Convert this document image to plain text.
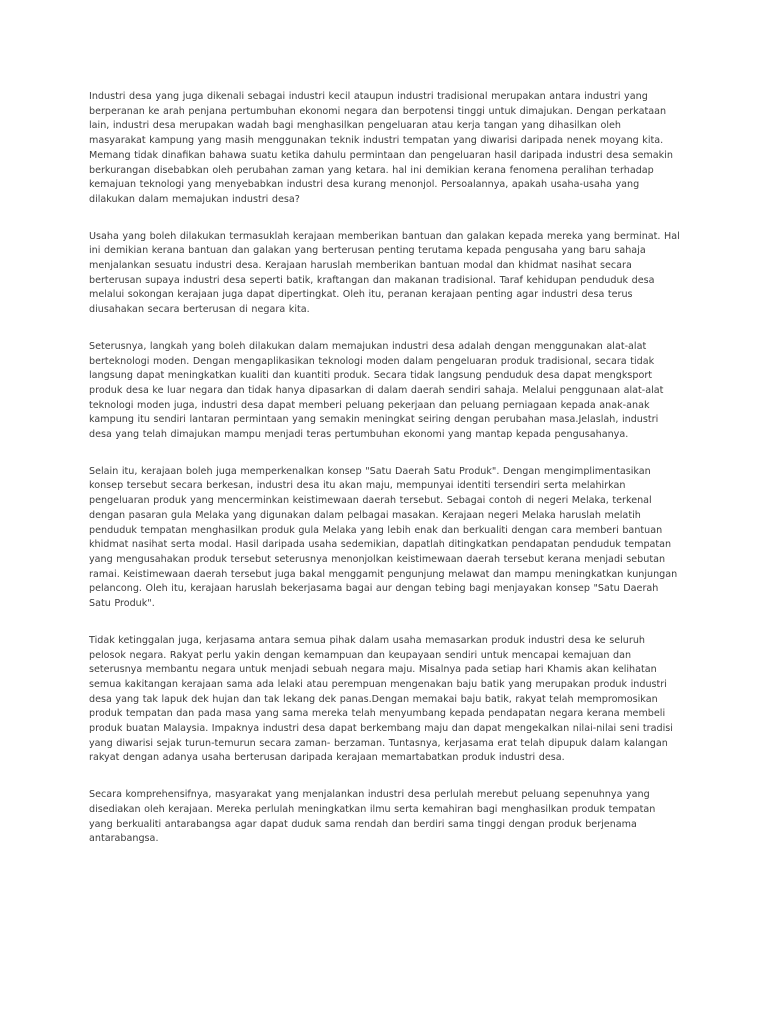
Industri desa yang juga dikenali sebagai industri kecil ataupun industri tradisional merupakan antara industri yang berperanan ke arah penjana pertumbuhan ekonomi negara dan berpotensi tinggi untuk dimajukan. Dengan perkataan lain, industri desa merupakan wadah bagi menghasilkan pengeluaran atau kerja tangan yang dihasilkan oleh masyarakat kampung yang masih menggunakan teknik industri tempatan yang diwarisi daripada nenek moyang kita. Memang tidak dinafikan bahawa suatu ketika dahulu permintaan dan pengeluaran hasil daripada industri desa semakin berkurangan disebabkan oleh perubahan zaman yang ketara. hal ini demikian kerana fenomena peralihan terhadap kemajuan teknologi yang menyebabkan industri desa kurang menonjol. Persoalannya, apakah usaha-usaha yang dilakukan dalam memajukan industri desa?

Usaha yang boleh dilakukan termasuklah kerajaan memberikan bantuan dan galakan kepada mereka yang berminat. Hal ini demikian kerana bantuan dan galakan yang berterusan penting terutama kepada pengusaha yang baru sahaja menjalankan sesuatu industri desa. Kerajaan haruslah memberikan bantuan modal dan khidmat nasihat secara berterusan supaya industri desa seperti batik, kraftangan dan makanan tradisional. Taraf kehidupan penduduk desa melalui sokongan kerajaan juga dapat dipertingkat. Oleh itu, peranan kerajaan penting agar industri desa terus diusahakan secara berterusan di negara kita.

Seterusnya, langkah yang boleh dilakukan dalam memajukan industri desa adalah dengan menggunakan alat-alat berteknologi moden. Dengan mengaplikasikan teknologi moden dalam pengeluaran produk tradisional, secara tidak langsung dapat meningkatkan kualiti dan kuantiti produk. Secara tidak langsung penduduk desa dapat mengksport produk desa ke luar negara dan tidak hanya dipasarkan di dalam daerah sendiri sahaja. Melalui penggunaan alat-alat teknologi moden juga, industri desa dapat memberi peluang pekerjaan dan peluang perniagaan kepada anak-anak kampung itu sendiri lantaran permintaan yang semakin meningkat seiring dengan perubahan masa.Jelaslah, industri desa yang telah dimajukan mampu menjadi teras pertumbuhan ekonomi yang mantap kepada pengusahanya.

Selain itu, kerajaan boleh juga memperkenalkan konsep "Satu Daerah Satu Produk". Dengan mengimplimentasikan konsep tersebut secara berkesan, industri desa itu akan maju, mempunyai identiti tersendiri serta melahirkan pengeluaran produk yang mencerminkan keistimewaan daerah tersebut. Sebagai contoh di negeri Melaka, terkenal dengan pasaran gula Melaka yang digunakan dalam pelbagai masakan. Kerajaan negeri Melaka haruslah melatih penduduk tempatan menghasilkan produk gula Melaka yang lebih enak dan berkualiti dengan cara memberi bantuan khidmat nasihat serta modal. Hasil daripada usaha sedemikian, dapatlah ditingkatkan pendapatan penduduk tempatan yang mengusahakan produk tersebut seterusnya menonjolkan keistimewaan daerah tersebut kerana menjadi sebutan ramai. Keistimewaan daerah tersebut juga bakal menggamit pengunjung melawat dan mampu meningkatkan kunjungan pelancong. Oleh itu, kerajaan haruslah bekerjasama bagai aur dengan tebing bagi menjayakan konsep "Satu Daerah Satu Produk".

Tidak ketinggalan juga, kerjasama antara semua pihak dalam usaha memasarkan produk industri desa ke seluruh pelosok negara. Rakyat perlu yakin dengan kemampuan dan keupayaan sendiri untuk mencapai kemajuan dan seterusnya membantu negara untuk menjadi sebuah negara maju. Misalnya pada setiap hari Khamis akan kelihatan semua kakitangan kerajaan sama ada lelaki atau perempuan mengenakan baju batik yang merupakan produk industri desa yang tak lapuk dek hujan dan tak lekang dek panas.Dengan memakai baju batik, rakyat telah mempromosikan produk tempatan dan pada masa yang sama mereka telah menyumbang kepada pendapatan negara kerana membeli produk buatan Malaysia. Impaknya industri desa dapat berkembang maju dan dapat mengekalkan nilai-nilai seni tradisi yang diwarisi sejak turun-temurun secara zaman- berzaman. Tuntasnya, kerjasama erat telah dipupuk dalam kalangan rakyat dengan adanya usaha berterusan daripada kerajaan memartabatkan produk industri desa.

Secara komprehensifnya, masyarakat yang menjalankan industri desa perlulah merebut peluang sepenuhnya yang disediakan oleh kerajaan. Mereka perlulah meningkatkan ilmu serta kemahiran bagi menghasilkan produk tempatan yang berkualiti antarabangsa agar dapat duduk sama rendah dan berdiri sama tinggi dengan produk berjenama antarabangsa.
